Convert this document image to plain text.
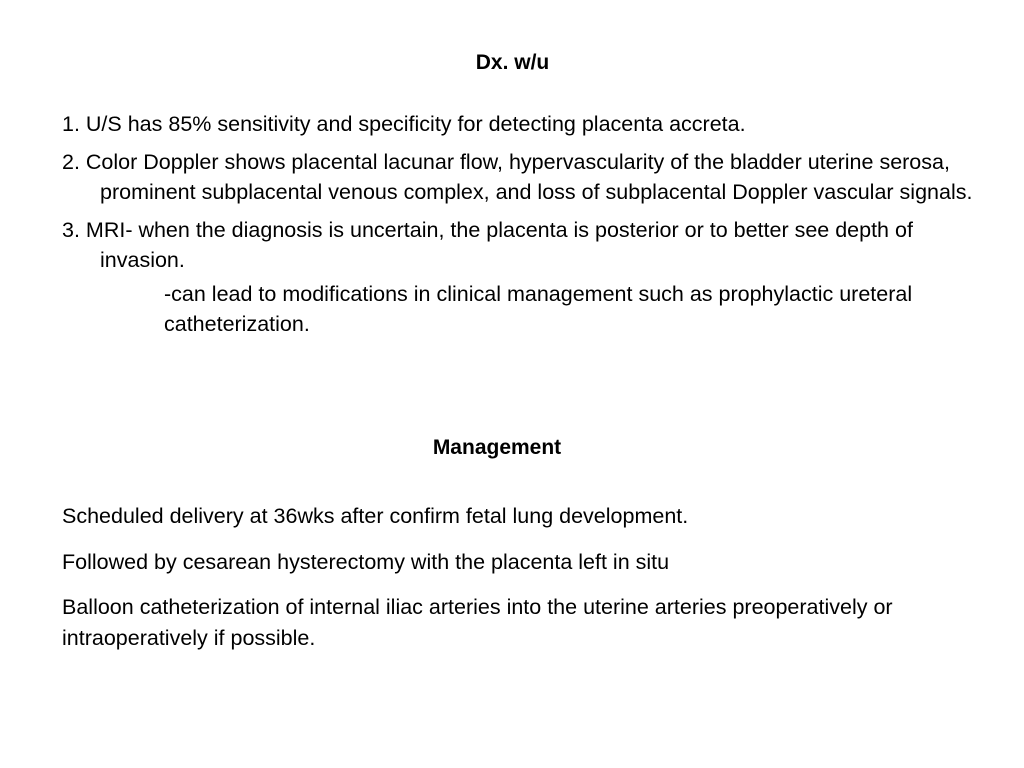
Dx. w/u

1. U/S has 85% sensitivity and specificity for detecting placenta accreta.

2. Color Doppler shows placental lacunar flow, hypervascularity of the bladder uterine serosa, prominent subplacental venous complex, and loss of subplacental Doppler vascular signals.

3. MRI- when the diagnosis is uncertain, the placenta is posterior or to better see depth of invasion.

-can lead to modifications in clinical management such as prophylactic ureteral catheterization.

Management

Scheduled delivery at 36wks after confirm fetal lung development.

Followed by cesarean hysterectomy with the placenta left in situ

Balloon catheterization of internal iliac arteries into the uterine arteries preoperatively or intraoperatively if possible.
